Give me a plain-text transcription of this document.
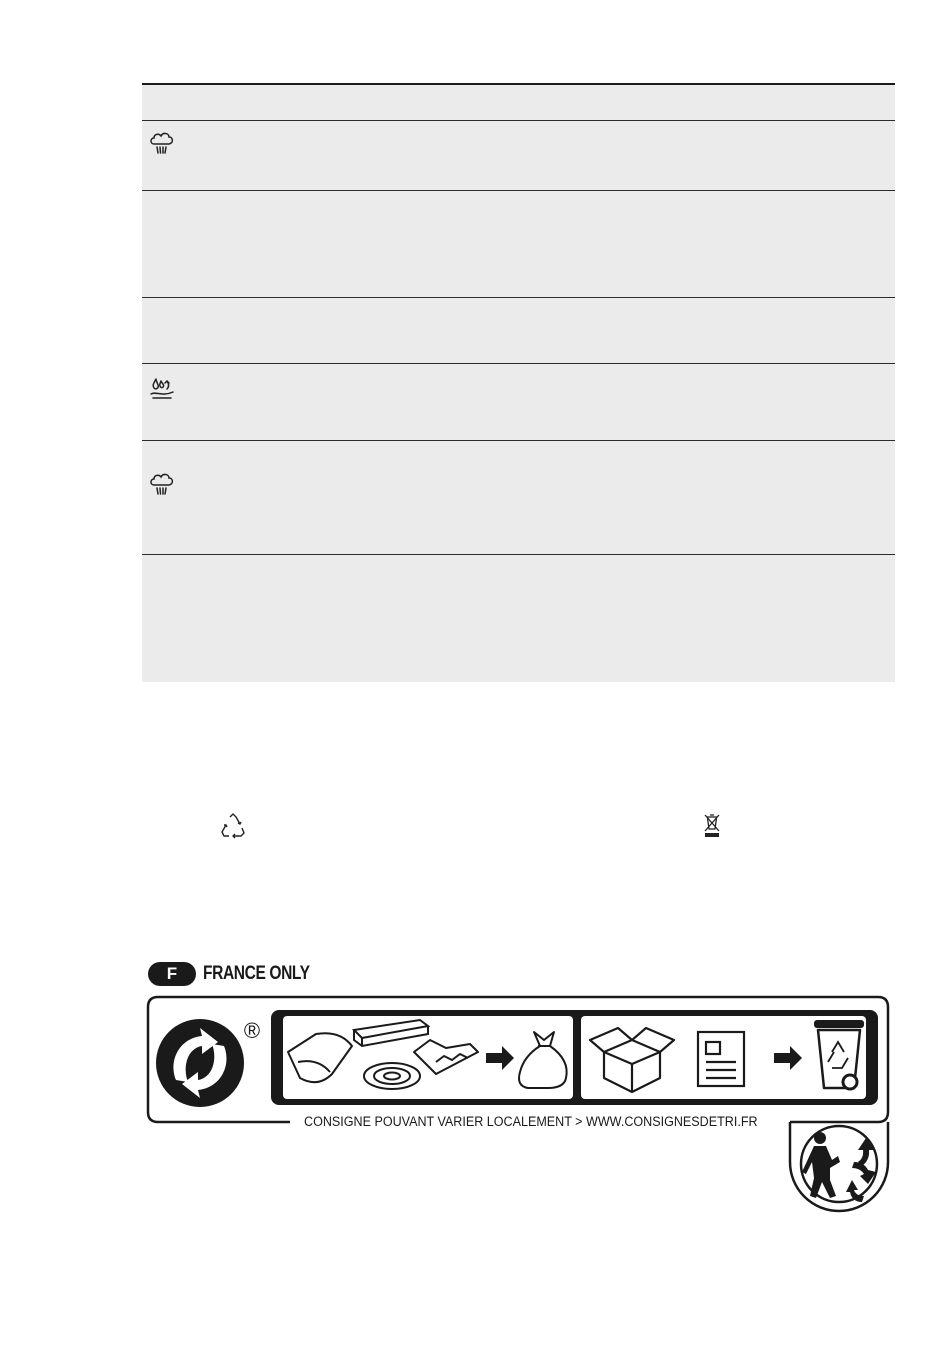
F	FRANCE ONLY
®
CONSIGNE POUVANT VARIER LOCALEMENT > WWW.CONSIGNESDETRI.FR
